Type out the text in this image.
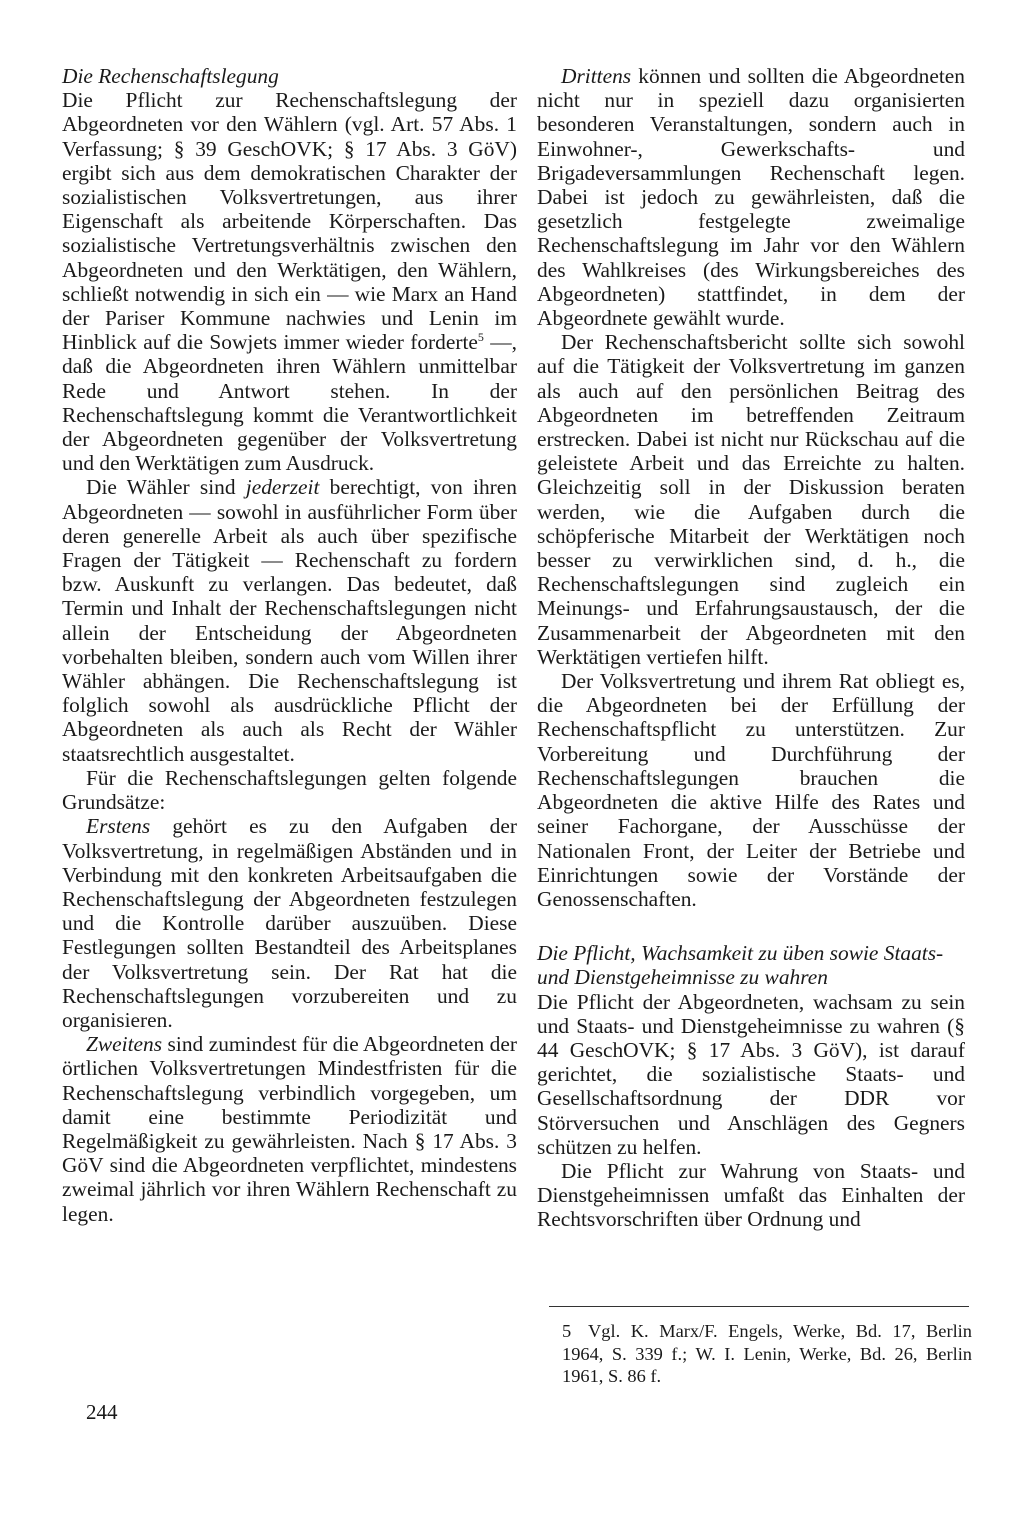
Die Rechenschaftslegung

Die Pflicht zur Rechenschaftslegung der Abgeordneten vor den Wählern (vgl. Art. 57 Abs. 1 Verfassung; § 39 GeschOVK; § 17 Abs. 3 GöV) ergibt sich aus dem demokratischen Charakter der sozialistischen Volksvertretungen, aus ihrer Eigenschaft als arbeitende Körperschaften. Das sozialistische Vertretungsverhältnis zwischen den Abgeordneten und den Werktätigen, den Wählern, schließt notwendig in sich ein — wie Marx an Hand der Pariser Kommune nachwies und Lenin im Hinblick auf die Sowjets immer wieder forderte$^5$ —, daß die Abgeordneten ihren Wählern unmittelbar Rede und Antwort stehen. In der Rechenschaftslegung kommt die Verantwortlichkeit der Abgeordneten gegenüber der Volksvertretung und den Werktätigen zum Ausdruck.

Die Wähler sind jederzeit berechtigt, von ihren Abgeordneten — sowohl in ausführlicher Form über deren generelle Arbeit als auch über spezifische Fragen der Tätigkeit — Rechenschaft zu fordern bzw. Auskunft zu verlangen. Das bedeutet, daß Termin und Inhalt der Rechenschaftslegungen nicht allein der Entscheidung der Abgeordneten vorbehalten bleiben, sondern auch vom Willen ihrer Wähler abhängen. Die Rechenschaftslegung ist folglich sowohl als ausdrückliche Pflicht der Abgeordneten als auch als Recht der Wähler staatsrechtlich ausgestaltet.

Für die Rechenschaftslegungen gelten folgende Grundsätze:

Erstens gehört es zu den Aufgaben der Volksvertretung, in regelmäßigen Abständen und in Verbindung mit den konkreten Arbeitsaufgaben die Rechenschaftslegung der Abgeordneten festzulegen und die Kontrolle darüber auszuüben. Diese Festlegungen sollten Bestandteil des Arbeitsplanes der Volksvertretung sein. Der Rat hat die Rechenschaftslegungen vorzubereiten und zu organisieren.

Zweitens sind zumindest für die Abgeordneten der örtlichen Volksvertretungen Mindestfristen für die Rechenschaftslegung verbindlich vorgegeben, um damit eine bestimmte Periodizität und Regelmäßigkeit zu gewährleisten. Nach § 17 Abs. 3 GöV sind die Abgeordneten verpflichtet, mindestens zweimal jährlich vor ihren Wählern Rechenschaft zu legen.

Drittens können und sollten die Abgeordneten nicht nur in speziell dazu organisierten besonderen Veranstaltungen, sondern auch in Einwohner-, Gewerkschafts- und Brigadeversammlungen Rechenschaft legen. Dabei ist jedoch zu gewährleisten, daß die gesetzlich festgelegte zweimalige Rechenschaftslegung im Jahr vor den Wählern des Wahlkreises (des Wirkungsbereiches des Abgeordneten) stattfindet, in dem der Abgeordnete gewählt wurde.

Der Rechenschaftsbericht sollte sich sowohl auf die Tätigkeit der Volksvertretung im ganzen als auch auf den persönlichen Beitrag des Abgeordneten im betreffenden Zeitraum erstrecken. Dabei ist nicht nur Rückschau auf die geleistete Arbeit und das Erreichte zu halten. Gleichzeitig soll in der Diskussion beraten werden, wie die Aufgaben durch die schöpferische Mitarbeit der Werktätigen noch besser zu verwirklichen sind, d. h., die Rechenschaftslegungen sind zugleich ein Meinungs- und Erfahrungsaustausch, der die Zusammenarbeit der Abgeordneten mit den Werktätigen vertiefen hilft.

Der Volksvertretung und ihrem Rat obliegt es, die Abgeordneten bei der Erfüllung der Rechenschaftspflicht zu unterstützen. Zur Vorbereitung und Durchführung der Rechenschaftslegungen brauchen die Abgeordneten die aktive Hilfe des Rates und seiner Fachorgane, der Ausschüsse der Nationalen Front, der Leiter der Betriebe und Einrichtungen sowie der Vorstände der Genossenschaften.

Die Pflicht, Wachsamkeit zu üben sowie Staats- und Dienstgeheimnisse zu wahren

Die Pflicht der Abgeordneten, wachsam zu sein und Staats- und Dienstgeheimnisse zu wahren (§ 44 GeschOVK; § 17 Abs. 3 GöV), ist darauf gerichtet, die sozialistische Staats- und Gesellschaftsordnung der DDR vor Störversuchen und Anschlägen des Gegners schützen zu helfen.

Die Pflicht zur Wahrung von Staats- und Dienstgeheimnissen umfaßt das Einhalten der Rechtsvorschriften über Ordnung und

5 Vgl. K. Marx/F. Engels, Werke, Bd. 17, Berlin 1964, S. 339 f.; W. I. Lenin, Werke, Bd. 26, Berlin 1961, S. 86 f.
244
